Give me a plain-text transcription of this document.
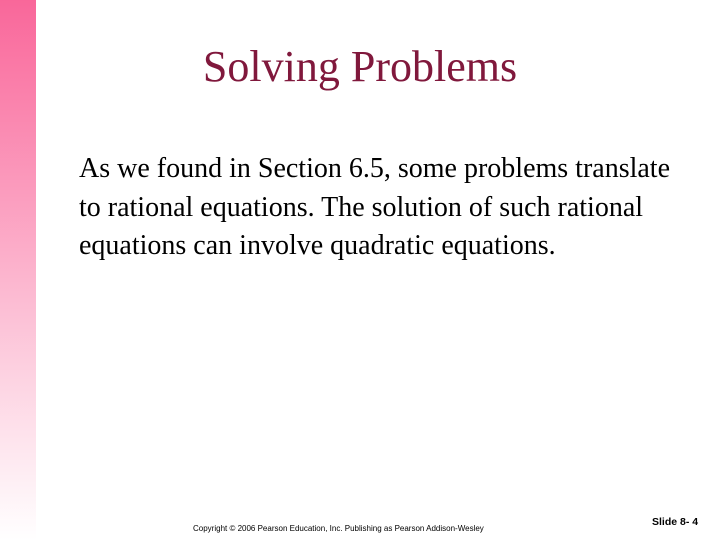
Solving Problems

As we found in Section 6.5, some problems translate to rational equations. The solution of such rational equations can involve quadratic equations.

Copyright © 2006 Pearson Education, Inc. Publishing as Pearson Addison-Wesley
Slide 8- 4
